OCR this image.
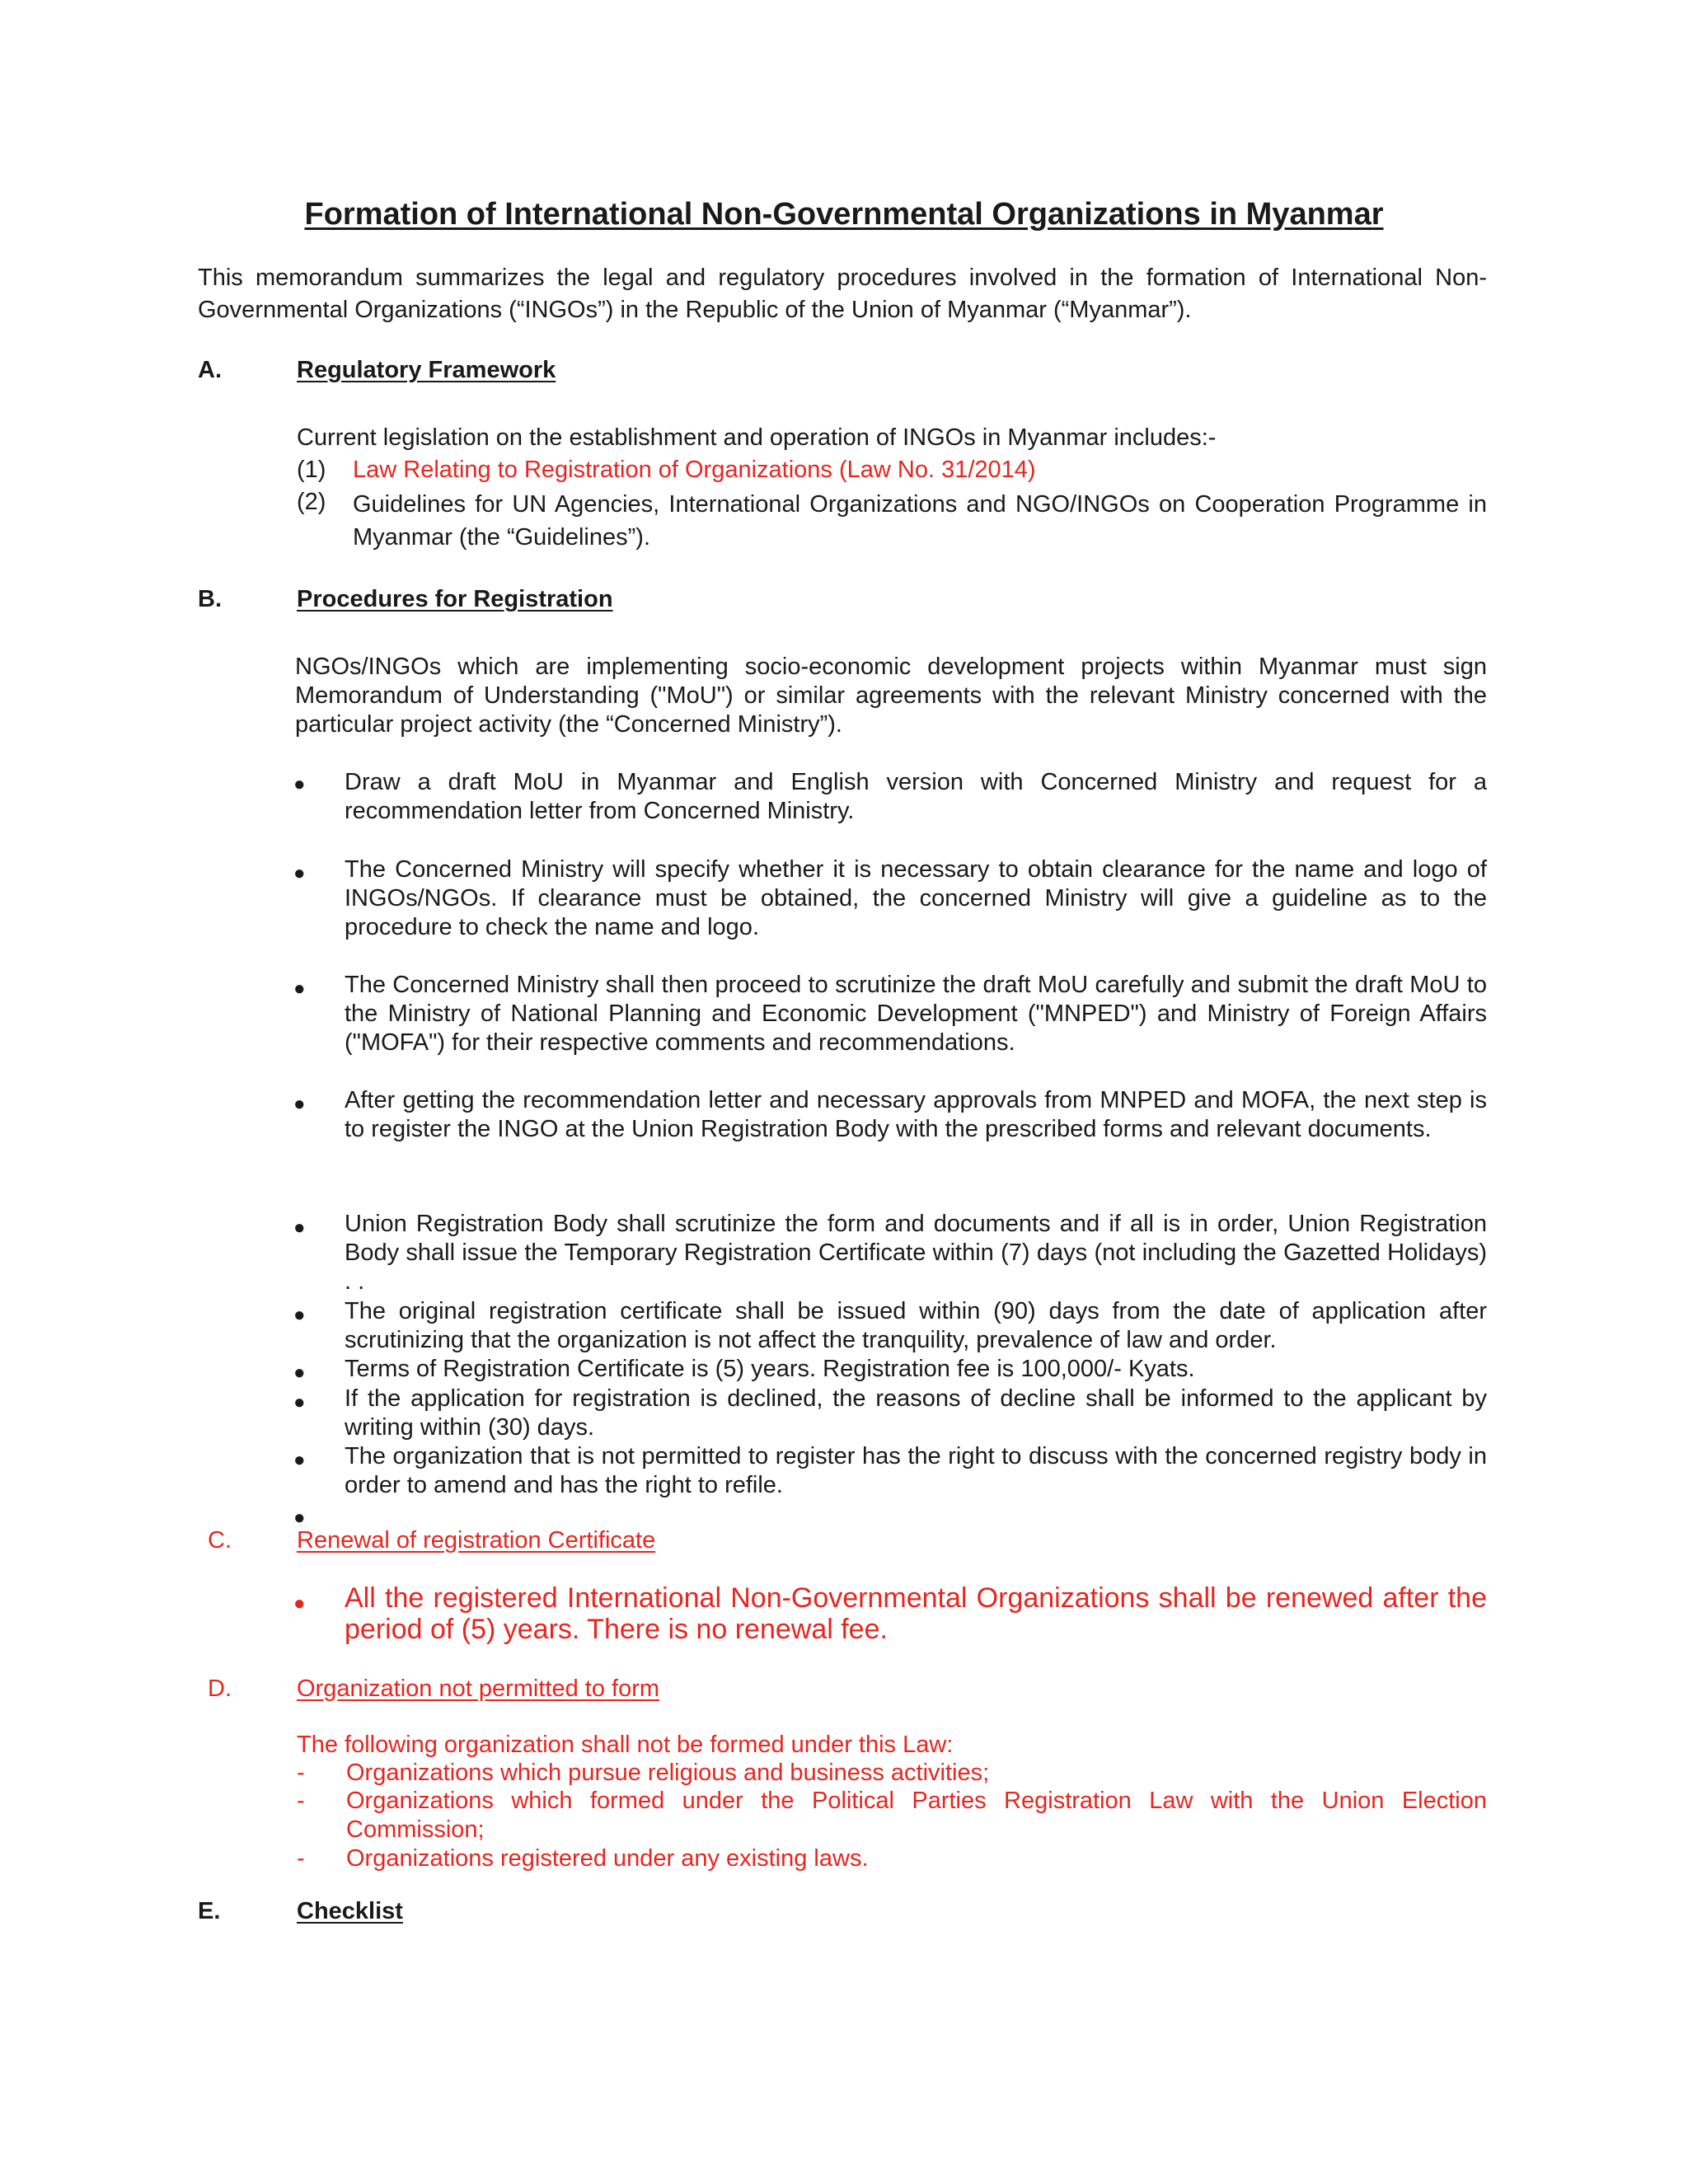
Formation of International Non-Governmental Organizations in Myanmar
This memorandum summarizes the legal and regulatory procedures involved in the formation of International Non-Governmental Organizations (“INGOs”) in the Republic of the Union of Myanmar (“Myanmar”).
A.	Regulatory Framework
Current legislation on the establishment and operation of INGOs in Myanmar includes:-
(1) Law Relating to Registration of Organizations (Law No. 31/2014)
(2) Guidelines for UN Agencies, International Organizations and NGO/INGOs on Cooperation Programme in Myanmar (the “Guidelines”).
B.	Procedures for Registration
NGOs/INGOs which are implementing socio-economic development projects within Myanmar must sign Memorandum of Understanding ("MoU") or similar agreements with the relevant Ministry concerned with the particular project activity (the “Concerned Ministry”).
● Draw a draft MoU in Myanmar and English version with Concerned Ministry and request for a recommendation letter from Concerned Ministry.
● The Concerned Ministry will specify whether it is necessary to obtain clearance for the name and logo of INGOs/NGOs. If clearance must be obtained, the concerned Ministry will give a guideline as to the procedure to check the name and logo.
● The Concerned Ministry shall then proceed to scrutinize the draft MoU carefully and submit the draft MoU to the Ministry of National Planning and Economic Development ("MNPED") and Ministry of Foreign Affairs ("MOFA") for their respective comments and recommendations.
● After getting the recommendation letter and necessary approvals from MNPED and MOFA, the next step is to register the INGO at the Union Registration Body with the prescribed forms and relevant documents.
● Union Registration Body shall scrutinize the form and documents and if all is in order, Union Registration Body shall issue the Temporary Registration Certificate within (7) days (not including the Gazetted Holidays) . .
● The original registration certificate shall be issued within (90) days from the date of application after scrutinizing that the organization is not affect the tranquility, prevalence of law and order.
● Terms of Registration Certificate is (5) years. Registration fee is 100,000/- Kyats.
● If the application for registration is declined, the reasons of decline shall be informed to the applicant by writing within (30) days.
● The organization that is not permitted to register has the right to discuss with the concerned registry body in order to amend and has the right to refile.
●
C.	Renewal of registration Certificate
● All the registered International Non-Governmental Organizations shall be renewed after the period of (5) years. There is no renewal fee.
D.	Organization not permitted to form
The following organization shall not be formed under this Law:
- Organizations which pursue religious and business activities;
- Organizations which formed under the Political Parties Registration Law with the Union Election Commission;
- Organizations registered under any existing laws.
E.	Checklist
